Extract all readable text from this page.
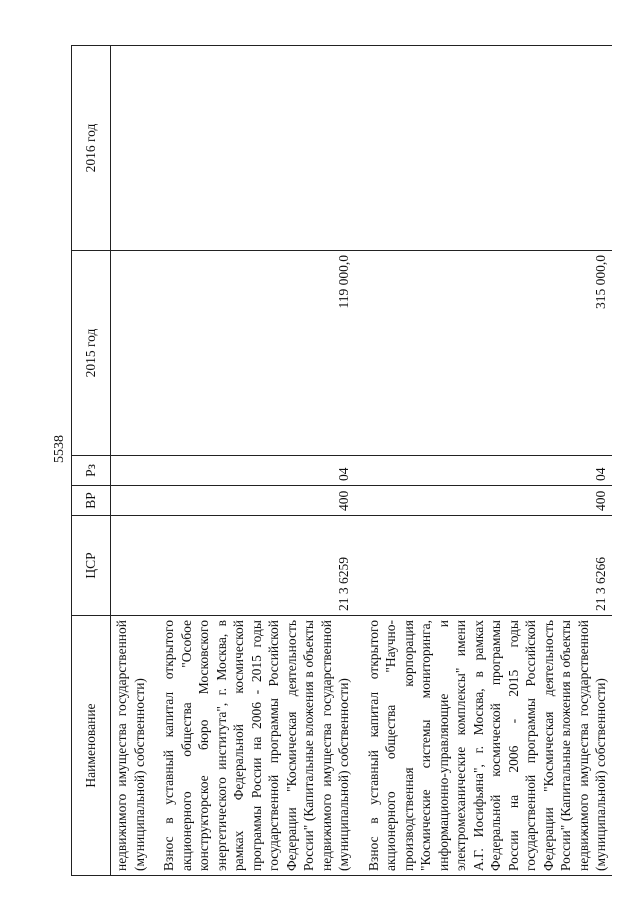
5538
Наименование	ЦСР	ВР	Рз	2015 год	2016 год
недвижимого имущества государственной (муниципальной) собственности)					

Взнос в уставный капитал открытого акционерного общества "Особое конструкторское бюро Московского энергетического института", г. Москва, в рамках Федеральной космической программы России на 2006 - 2015 годы государственной программы Российской Федерации "Космическая деятельность России" (Капитальные вложения в объекты недвижимого имущества государственной (муниципальной) собственности)	21 3 6259	400	04	119 000,0	

Взнос в уставный капитал открытого акционерного общества "Научно-производственная корпорация "Космические системы мониторинга, информационно-управляющие и электромеханические комплексы" имени А.Г. Иосифьяна", г. Москва, в рамках Федеральной космической программы России на 2006 - 2015 годы государственной программы Российской Федерации "Космическая деятельность России" (Капитальные вложения в объекты недвижимого имущества государственной (муниципальной) собственности)	21 3 6266	400	04	315 000,0	
